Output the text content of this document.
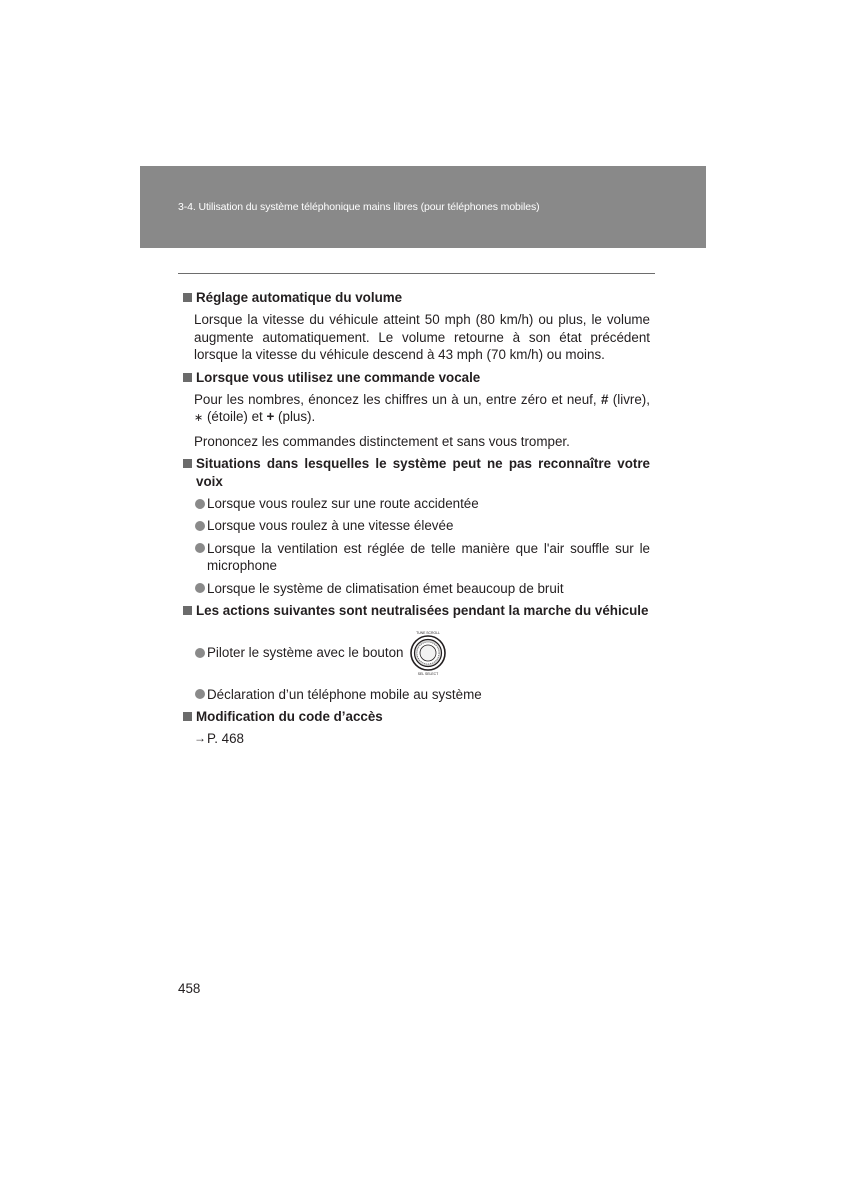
3-4. Utilisation du système téléphonique mains libres (pour téléphones mobiles)
Réglage automatique du volume
Lorsque la vitesse du véhicule atteint 50 mph (80 km/h) ou plus, le volume augmente automatiquement. Le volume retourne à son état précédent lorsque la vitesse du véhicule descend à 43 mph (70 km/h) ou moins.
Lorsque vous utilisez une commande vocale
Pour les nombres, énoncez les chiffres un à un, entre zéro et neuf, # (livre), ∗ (étoile) et + (plus).
Prononcez les commandes distinctement et sans vous tromper.
Situations dans lesquelles le système peut ne pas reconnaître votre voix
Lorsque vous roulez sur une route accidentée
Lorsque vous roulez à une vitesse élevée
Lorsque la ventilation est réglée de telle manière que l'air souffle sur le microphone
Lorsque le système de climatisation émet beaucoup de bruit
Les actions suivantes sont neutralisées pendant la marche du véhicule
Piloter le système avec le bouton
TUNE SCROLL
SEL SELECT
Déclaration d’un téléphone mobile au système
Modification du code d’accès
→ P. 468
458
